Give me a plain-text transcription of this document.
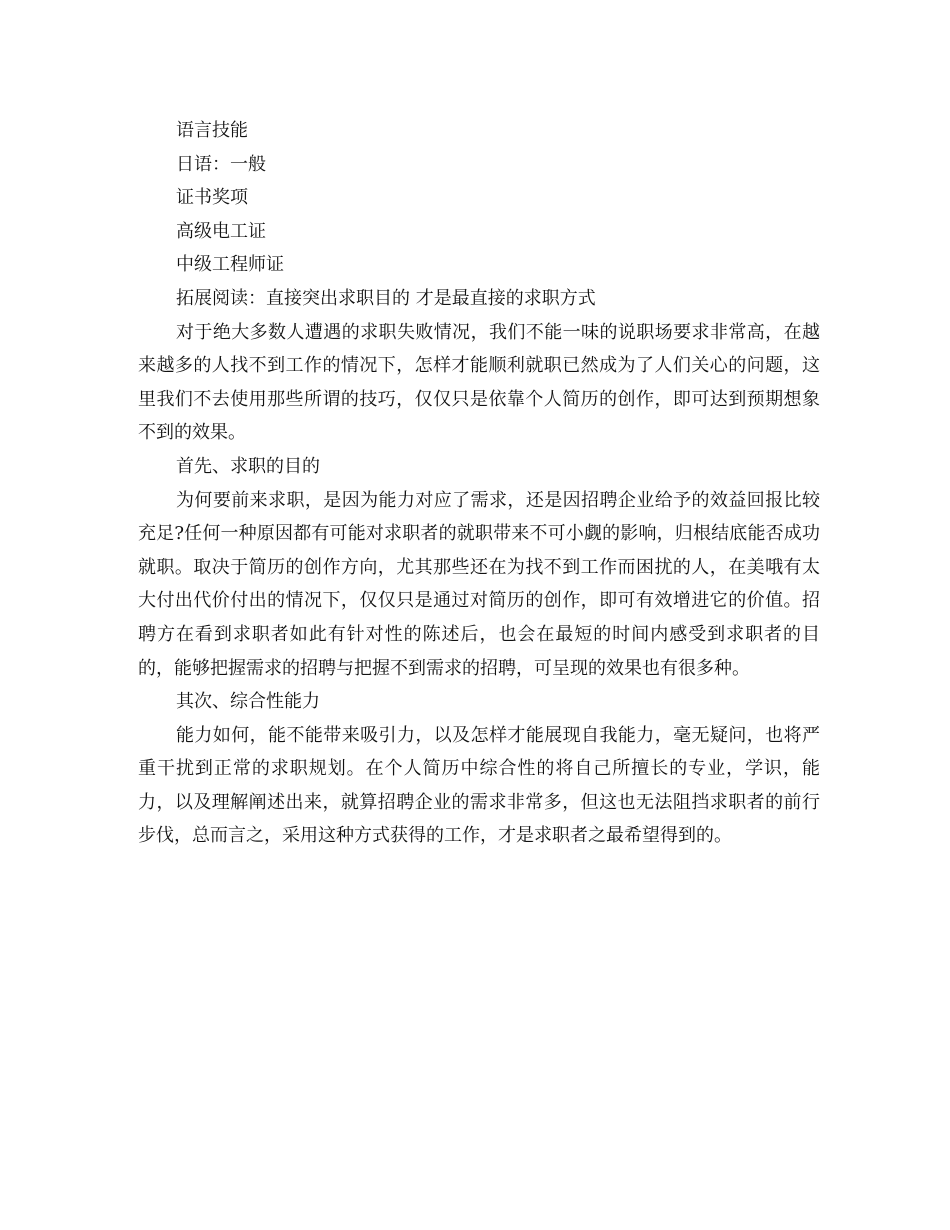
语言技能

日语：一般

证书奖项

高级电工证

中级工程师证

拓展阅读：直接突出求职目的 才是最直接的求职方式

对于绝大多数人遭遇的求职失败情况，我们不能一味的说职场要求非常高，在越来越多的人找不到工作的情况下，怎样才能顺利就职已然成为了人们关心的问题，这里我们不去使用那些所谓的技巧，仅仅只是依靠个人简历的创作，即可达到预期想象不到的效果。

首先、求职的目的

为何要前来求职，是因为能力对应了需求，还是因招聘企业给予的效益回报比较充足?任何一种原因都有可能对求职者的就职带来不可小觑的影响，归根结底能否成功就职。取决于简历的创作方向，尤其那些还在为找不到工作而困扰的人，在美哦有太大付出代价付出的情况下，仅仅只是通过对简历的创作，即可有效增进它的价值。招聘方在看到求职者如此有针对性的陈述后，也会在最短的时间内感受到求职者的目的，能够把握需求的招聘与把握不到需求的招聘，可呈现的效果也有很多种。

其次、综合性能力

能力如何，能不能带来吸引力，以及怎样才能展现自我能力，毫无疑问，也将严重干扰到正常的求职规划。在个人简历中综合性的将自己所擅长的专业，学识，能力，以及理解阐述出来，就算招聘企业的需求非常多，但这也无法阻挡求职者的前行步伐，总而言之，采用这种方式获得的工作，才是求职者之最希望得到的。
